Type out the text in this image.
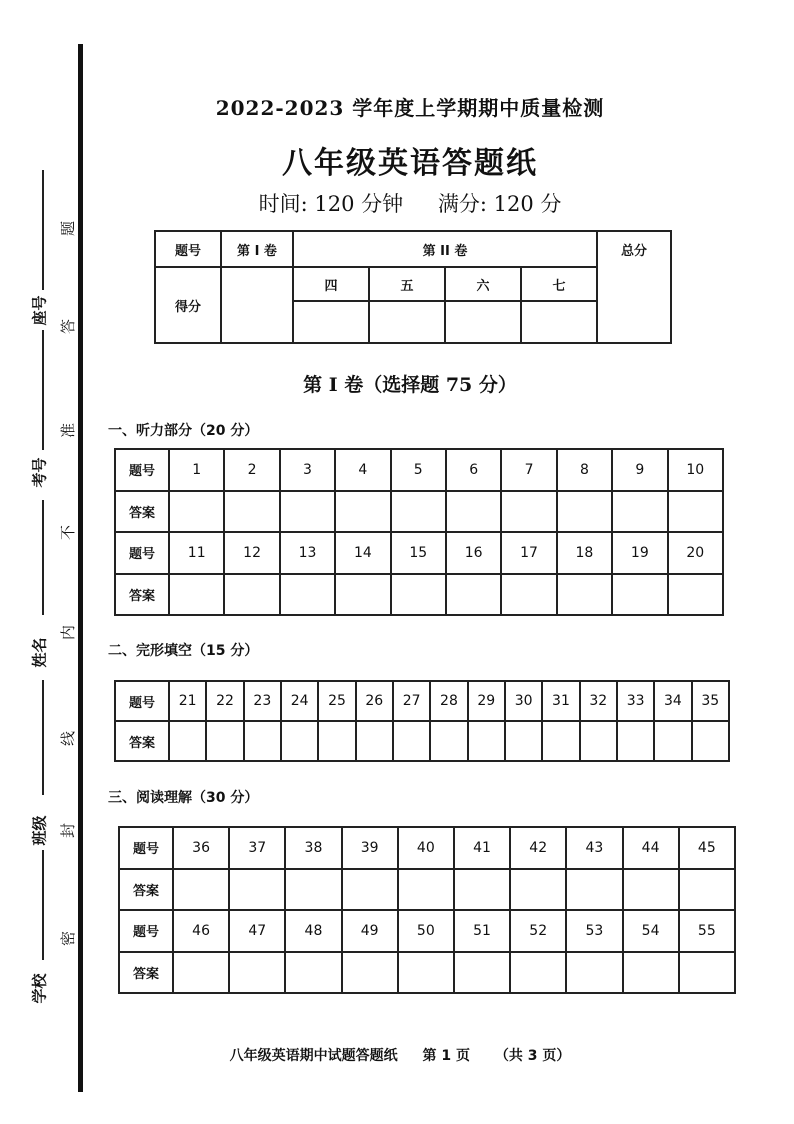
座号
考号
姓名
班级
学校
题
答
准
不
内
线
封
密
2022-2023 学年度上学期期中质量检测
八年级英语答题纸
时间: 120 分钟 满分: 120 分
题号	第 I 卷	第 II 卷				总分
得分		四	五	六	七	

第 I 卷（选择题 75 分）
一、听力部分（20 分）
题号	1	2	3	4	5	6	7	8	9	10
答案										
题号	11	12	13	14	15	16	17	18	19	20
答案										
二、完形填空（15 分）
题号	21	22	23	24	25	26	27	28	29	30	31	32	33	34	35
答案															
三、阅读理解（30 分）
题号	36	37	38	39	40	41	42	43	44	45
答案										
题号	46	47	48	49	50	51	52	53	54	55
答案										
八年级英语期中试题答题纸 第 1 页 （共 3 页）
